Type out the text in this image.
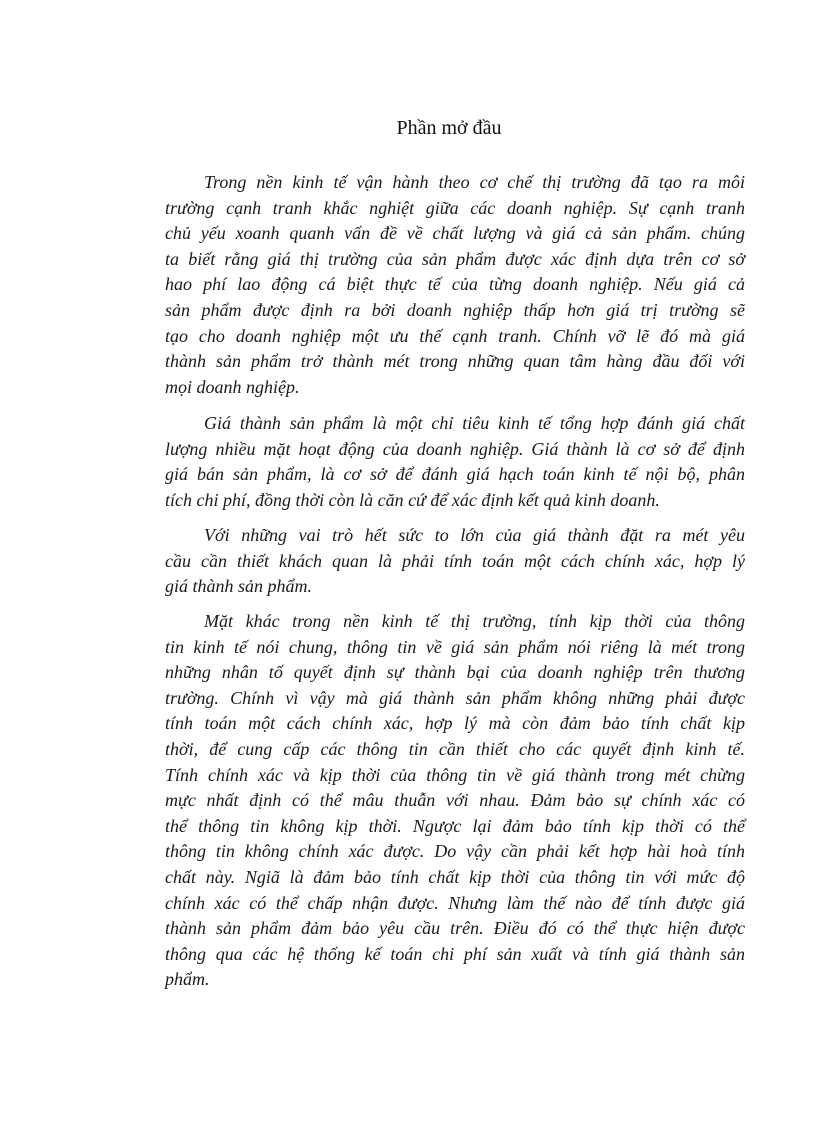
Phần mở đầu
Trong nền kinh tế vận hành theo cơ chế thị trường đã tạo ra môi
trường cạnh tranh khắc nghiệt giữa các doanh nghiệp. Sự cạnh tranh
chủ yếu xoanh quanh vấn đề về chất lượng và giá cả sản phẩm. chúng
ta biết rằng giá thị trường của sản phẩm được xác định dựa trên cơ sở
hao phí lao động cá biệt thực tế của từng doanh nghiệp. Nếu giá cả
sản phẩm được định ra bởi doanh nghiệp thấp hơn giá trị trường sẽ
tạo cho doanh nghiệp một ưu thế cạnh tranh. Chính vỡ lẽ đó mà giá
thành sản phẩm trở thành mét trong những quan tâm hàng đầu đối với
mọi doanh nghiệp.
Giá thành sản phẩm là một chỉ tiêu kinh tế tổng hợp đánh giá chất
lượng nhiều mặt hoạt động của doanh nghiệp. Giá thành là cơ sở để định
giá bán sản phẩm, là cơ sở để đánh giá hạch toán kinh tế nội bộ, phân
tích chi phí, đồng thời còn là căn cứ để xác định kết quả kinh doanh.
Với những vai trò hết sức to lớn của giá thành đặt ra mét yêu
cầu cần thiết khách quan là phải tính toán một cách chính xác, hợp lý
giá thành sản phẩm.
Mặt khác trong nền kinh tế thị trường, tính kịp thời của thông
tin kinh tế nói chung, thông tin về giá sản phẩm nói riêng là mét trong
những nhân tố quyết định sự thành bại của doanh nghiệp trên thương
trường. Chính vì vậy mà giá thành sản phẩm không những phải được
tính toán một cách chính xác, hợp lý mà còn đảm bảo tính chất kịp
thời, để cung cấp các thông tin cần thiết cho các quyết định kinh tế.
Tính chính xác và kịp thời của thông tin về giá thành trong mét chừng
mực nhất định có thể mâu thuẫn với nhau. Đảm bảo sự chính xác có
thể thông tin không kịp thời. Ngược lại đảm bảo tính kịp thời có thể
thông tin không chính xác được. Do vậy cần phải kết hợp hài hoà tính
chất này. Ngiã là đảm bảo tính chất kịp thời của thông tin với mức độ
chính xác có thể chấp nhận được. Nhưng làm thế nào để tính được giá
thành sản phẩm đảm bảo yêu cầu trên. Điều đó có thể thực hiện được
thông qua các hệ thống kế toán chi phí sản xuất và tính giá thành sản
phẩm.
